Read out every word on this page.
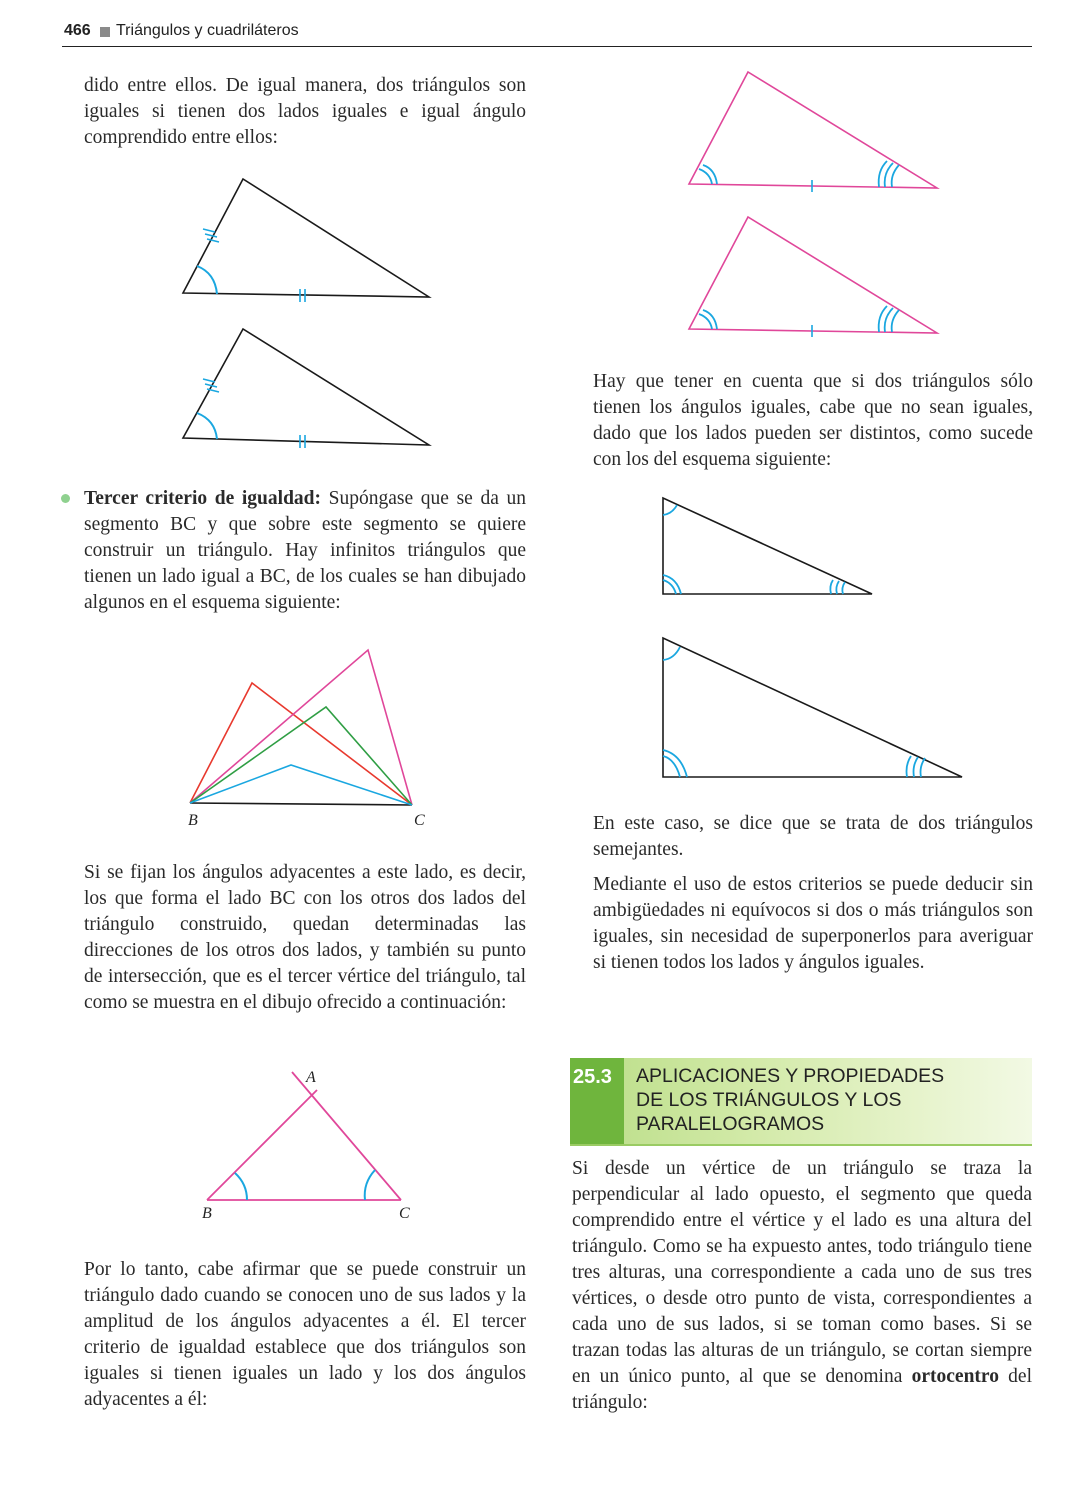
466 Triángulos y cuadriláteros

dido entre ellos. De igual manera, dos triángulos son iguales si tienen dos lados iguales e igual ángulo comprendido entre ellos:

Tercer criterio de igualdad: Supóngase que se da un segmento BC y que sobre este segmento se quiere construir un triángulo. Hay infinitos triángulos que tienen un lado igual a BC, de los cuales se han dibujado algunos en el esquema siguiente:

B	C

Si se fijan los ángulos adyacentes a este lado, es decir, los que forma el lado BC con los otros dos lados del triángulo construido, quedan determinadas las direcciones de los otros dos lados, y también su punto de intersección, que es el tercer vértice del triángulo, tal como se muestra en el dibujo ofrecido a continuación:

A
B	C

Por lo tanto, cabe afirmar que se puede construir un triángulo dado cuando se conocen uno de sus lados y la amplitud de los ángulos adyacentes a él. El tercer criterio de igualdad establece que dos triángulos son iguales si tienen iguales un lado y los dos ángulos adyacentes a él:

Hay que tener en cuenta que si dos triángulos sólo tienen los ángulos iguales, cabe que no sean iguales, dado que los lados pueden ser distintos, como sucede con los del esquema siguiente:

En este caso, se dice que se trata de dos triángulos semejantes.

Mediante el uso de estos criterios se puede deducir sin ambigüedades ni equívocos si dos o más triángulos son iguales, sin necesidad de superponerlos para averiguar si tienen todos los lados y ángulos iguales.

25.3	APLICACIONES Y PROPIEDADES
DE LOS TRIÁNGULOS Y LOS
PARALELOGRAMOS

Si desde un vértice de un triángulo se traza la perpendicular al lado opuesto, el segmento que queda comprendido entre el vértice y el lado es una altura del triángulo. Como se ha expuesto antes, todo triángulo tiene tres alturas, una correspondiente a cada uno de sus tres vértices, o desde otro punto de vista, correspondientes a cada uno de sus lados, si se toman como bases. Si se trazan todas las alturas de un triángulo, se cortan siempre en un único punto, al que se denomina ortocentro del triángulo:
